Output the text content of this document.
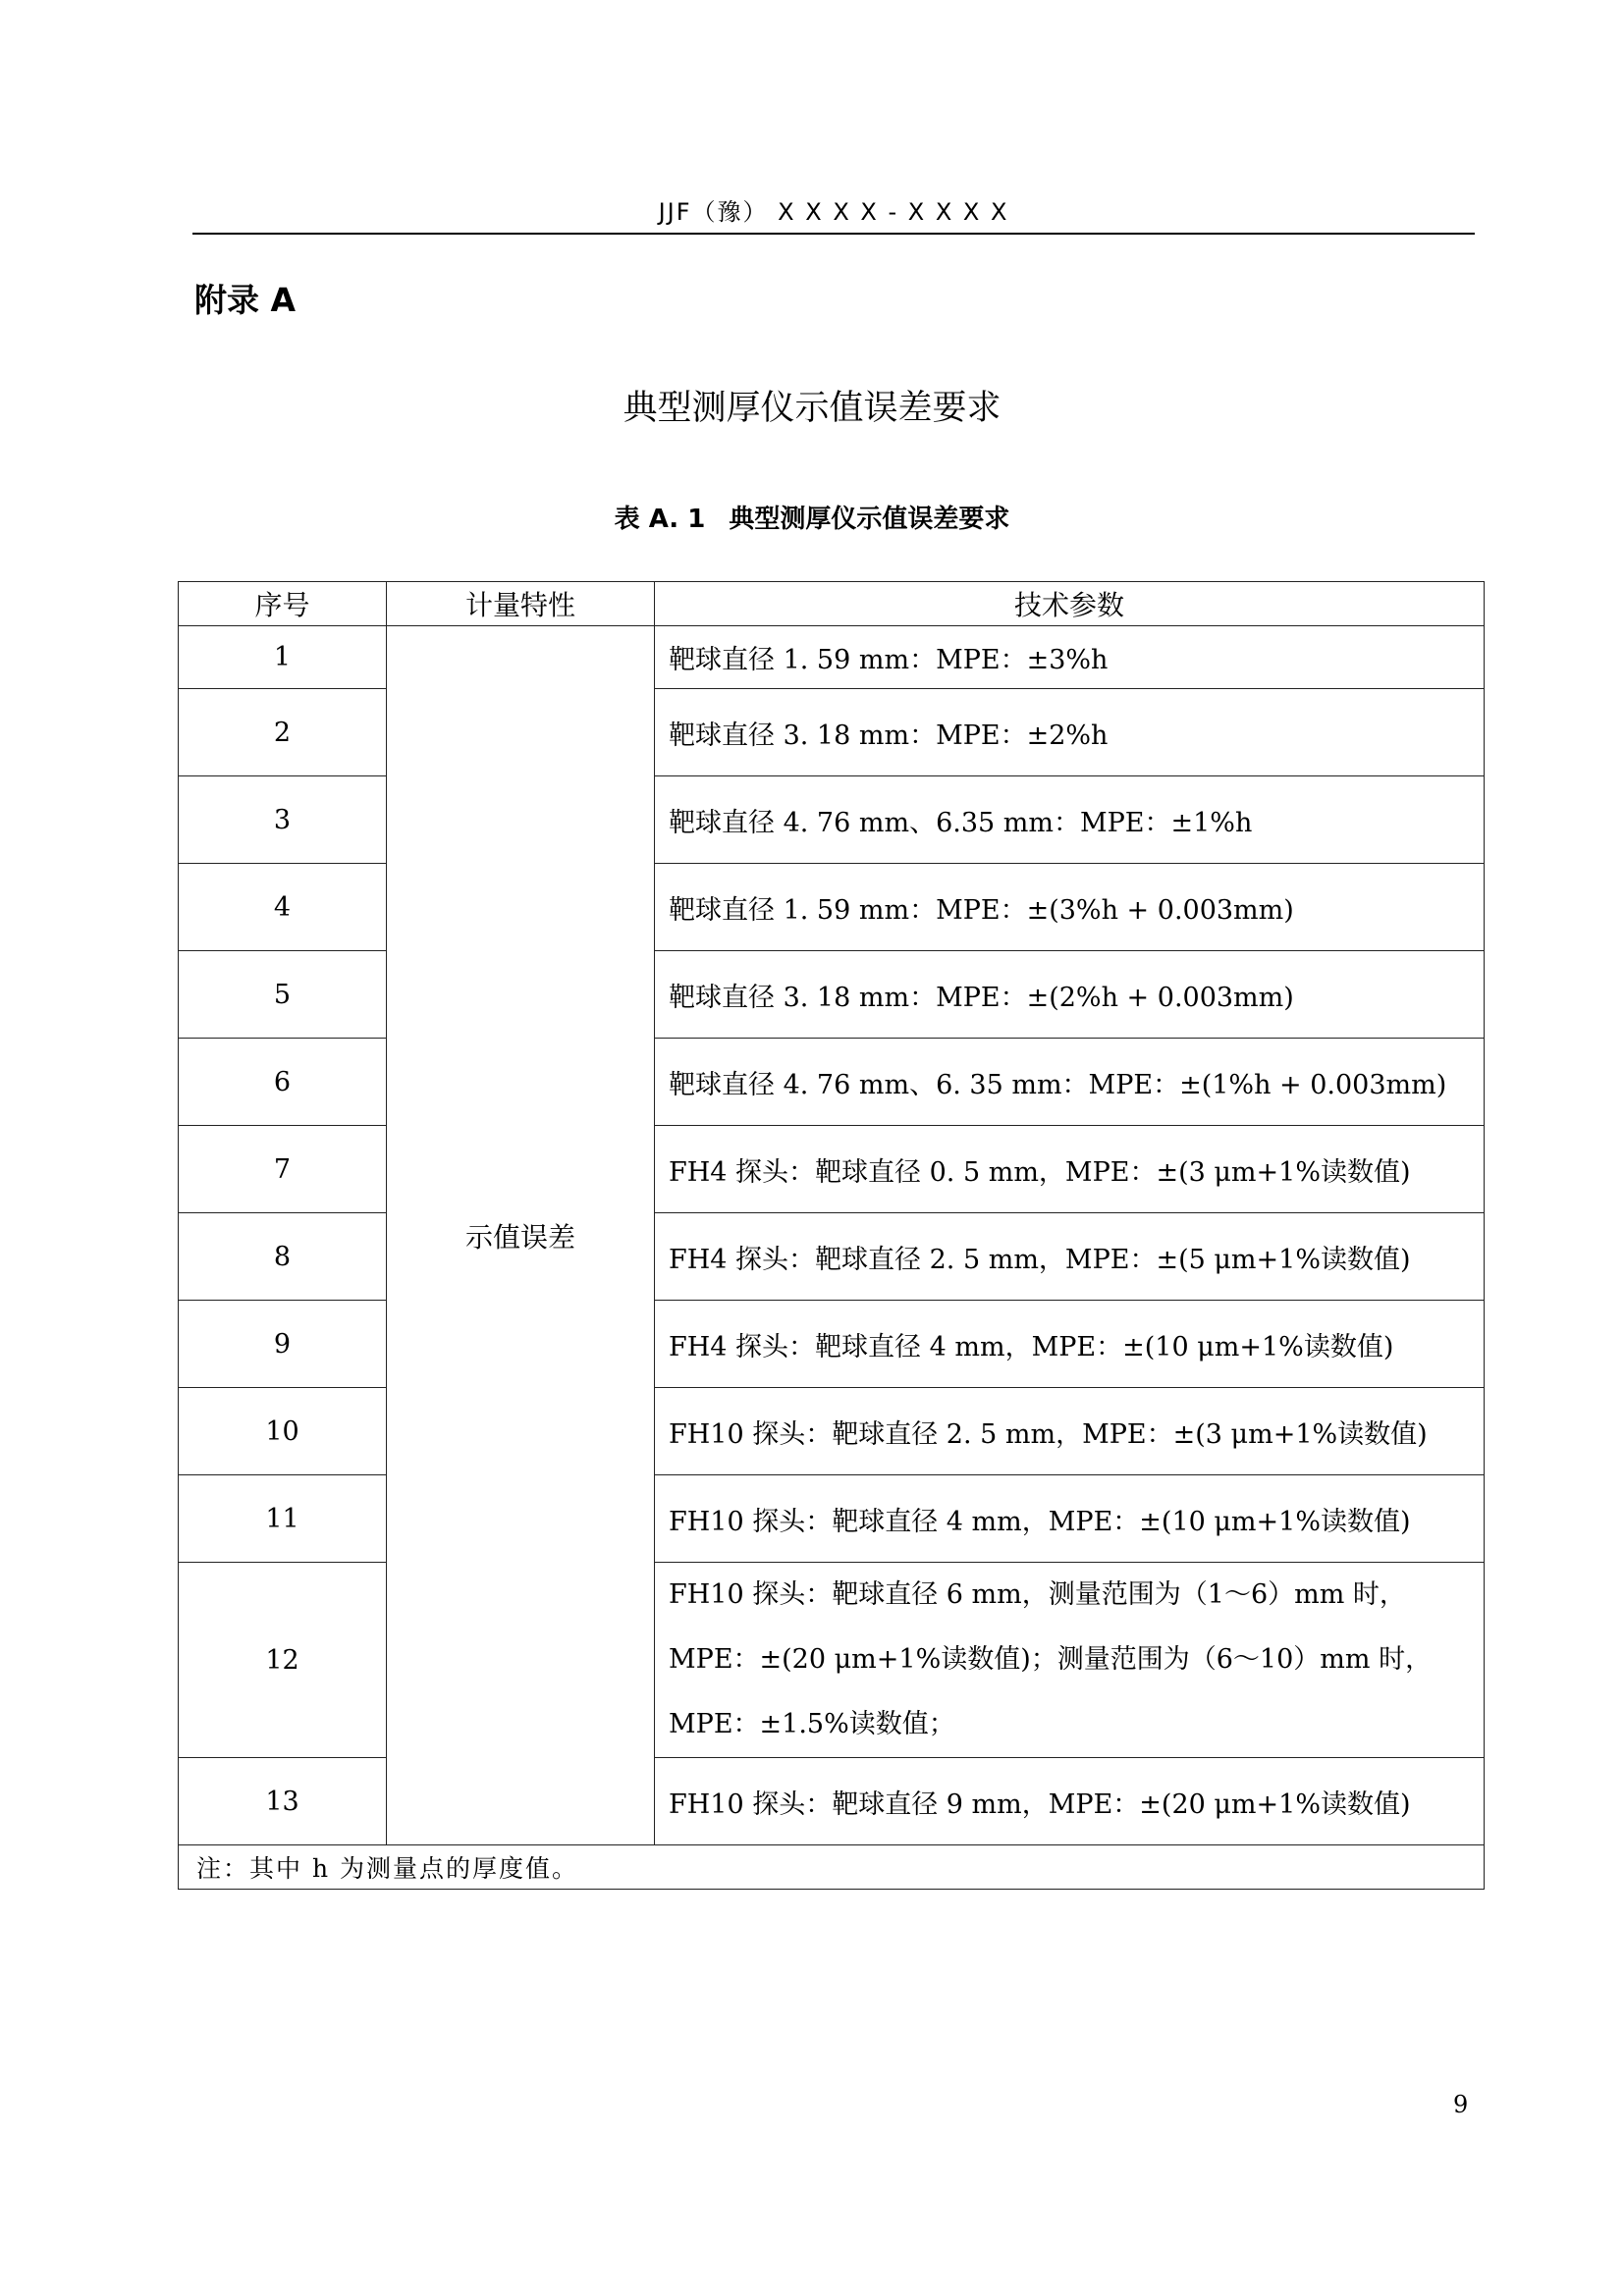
JJF（豫） X X X X - X X X X
附录 A
典型测厚仪示值误差要求
表 A. 1 典型测厚仪示值误差要求
序号	计量特性	技术参数
1	示值误差	靶球直径 1. 59 mm：MPE：±3%h
2		靶球直径 3. 18 mm：MPE：±2%h
3		靶球直径 4. 76 mm、6.35 mm：MPE：±1%h
4		靶球直径 1. 59 mm：MPE：±(3%h + 0.003mm)
5		靶球直径 3. 18 mm：MPE：±(2%h + 0.003mm)
6		靶球直径 4. 76 mm、6. 35 mm：MPE：±(1%h + 0.003mm)
7		FH4 探头：靶球直径 0. 5 mm，MPE：±(3 μm+1%读数值)
8		FH4 探头：靶球直径 2. 5 mm，MPE：±(5 μm+1%读数值)
9		FH4 探头：靶球直径 4 mm，MPE：±(10 μm+1%读数值)
10		FH10 探头：靶球直径 2. 5 mm，MPE：±(3 μm+1%读数值)
11		FH10 探头：靶球直径 4 mm，MPE：±(10 μm+1%读数值)
12		FH10 探头：靶球直径 6 mm，测量范围为（1～6）mm 时，MPE：±(20 μm+1%读数值)；测量范围为（6～10）mm 时，MPE：±1.5%读数值；
13		FH10 探头：靶球直径 9 mm，MPE：±(20 μm+1%读数值)
注：其中 h 为测量点的厚度值。		
9
